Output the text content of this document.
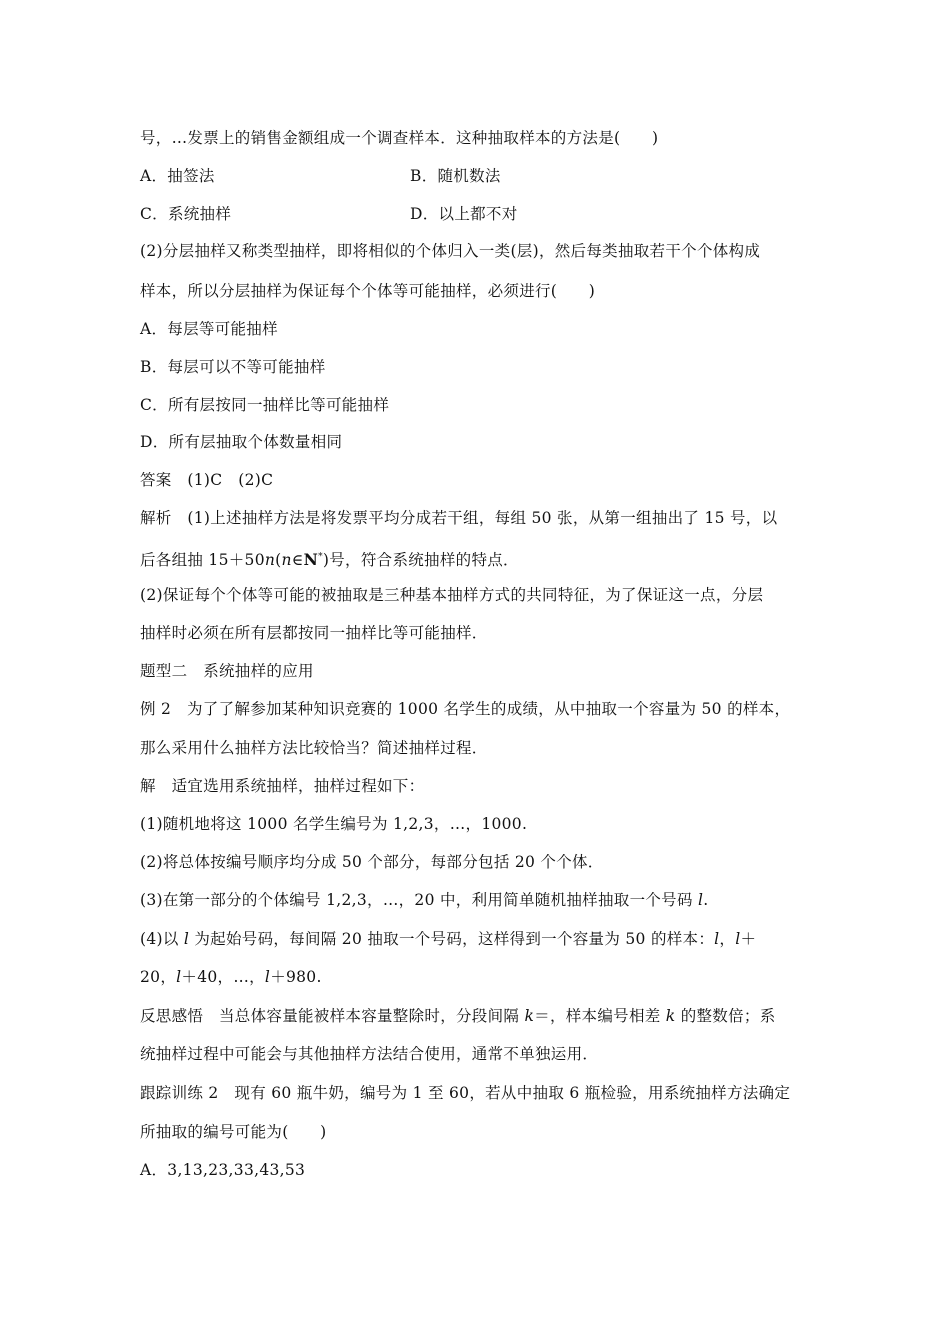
号，…发票上的销售金额组成一个调查样本．这种抽取样本的方法是(　　)
A．抽签法	B．随机数法
C．系统抽样	D．以上都不对
(2)分层抽样又称类型抽样，即将相似的个体归入一类(层)，然后每类抽取若干个个体构成
样本，所以分层抽样为保证每个个体等可能抽样，必须进行(　　)
A．每层等可能抽样
B．每层可以不等可能抽样
C．所有层按同一抽样比等可能抽样
D．所有层抽取个体数量相同
答案　(1)C　(2)C
解析　(1)上述抽样方法是将发票平均分成若干组，每组 50 张，从第一组抽出了 15 号，以
后各组抽 15＋50n(n∈N*)号，符合系统抽样的特点．
(2)保证每个个体等可能的被抽取是三种基本抽样方式的共同特征，为了保证这一点，分层
抽样时必须在所有层都按同一抽样比等可能抽样．
题型二　系统抽样的应用
例 2　为了了解参加某种知识竞赛的 1000 名学生的成绩，从中抽取一个容量为 50 的样本，
那么采用什么抽样方法比较恰当？简述抽样过程．
解　适宜选用系统抽样，抽样过程如下：
(1)随机地将这 1000 名学生编号为 1,2,3，…，1000.
(2)将总体按编号顺序均分成 50 个部分，每部分包括 20 个个体．
(3)在第一部分的个体编号 1,2,3，…，20 中，利用简单随机抽样抽取一个号码 l.
(4)以 l 为起始号码，每间隔 20 抽取一个号码，这样得到一个容量为 50 的样本：l，l＋
20，l＋40，…，l＋980.
反思感悟　当总体容量能被样本容量整除时，分段间隔 k＝，样本编号相差 k 的整数倍；系
统抽样过程中可能会与其他抽样方法结合使用，通常不单独运用．
跟踪训练 2　现有 60 瓶牛奶，编号为 1 至 60，若从中抽取 6 瓶检验，用系统抽样方法确定
所抽取的编号可能为(　　)
A．3,13,23,33,43,53
